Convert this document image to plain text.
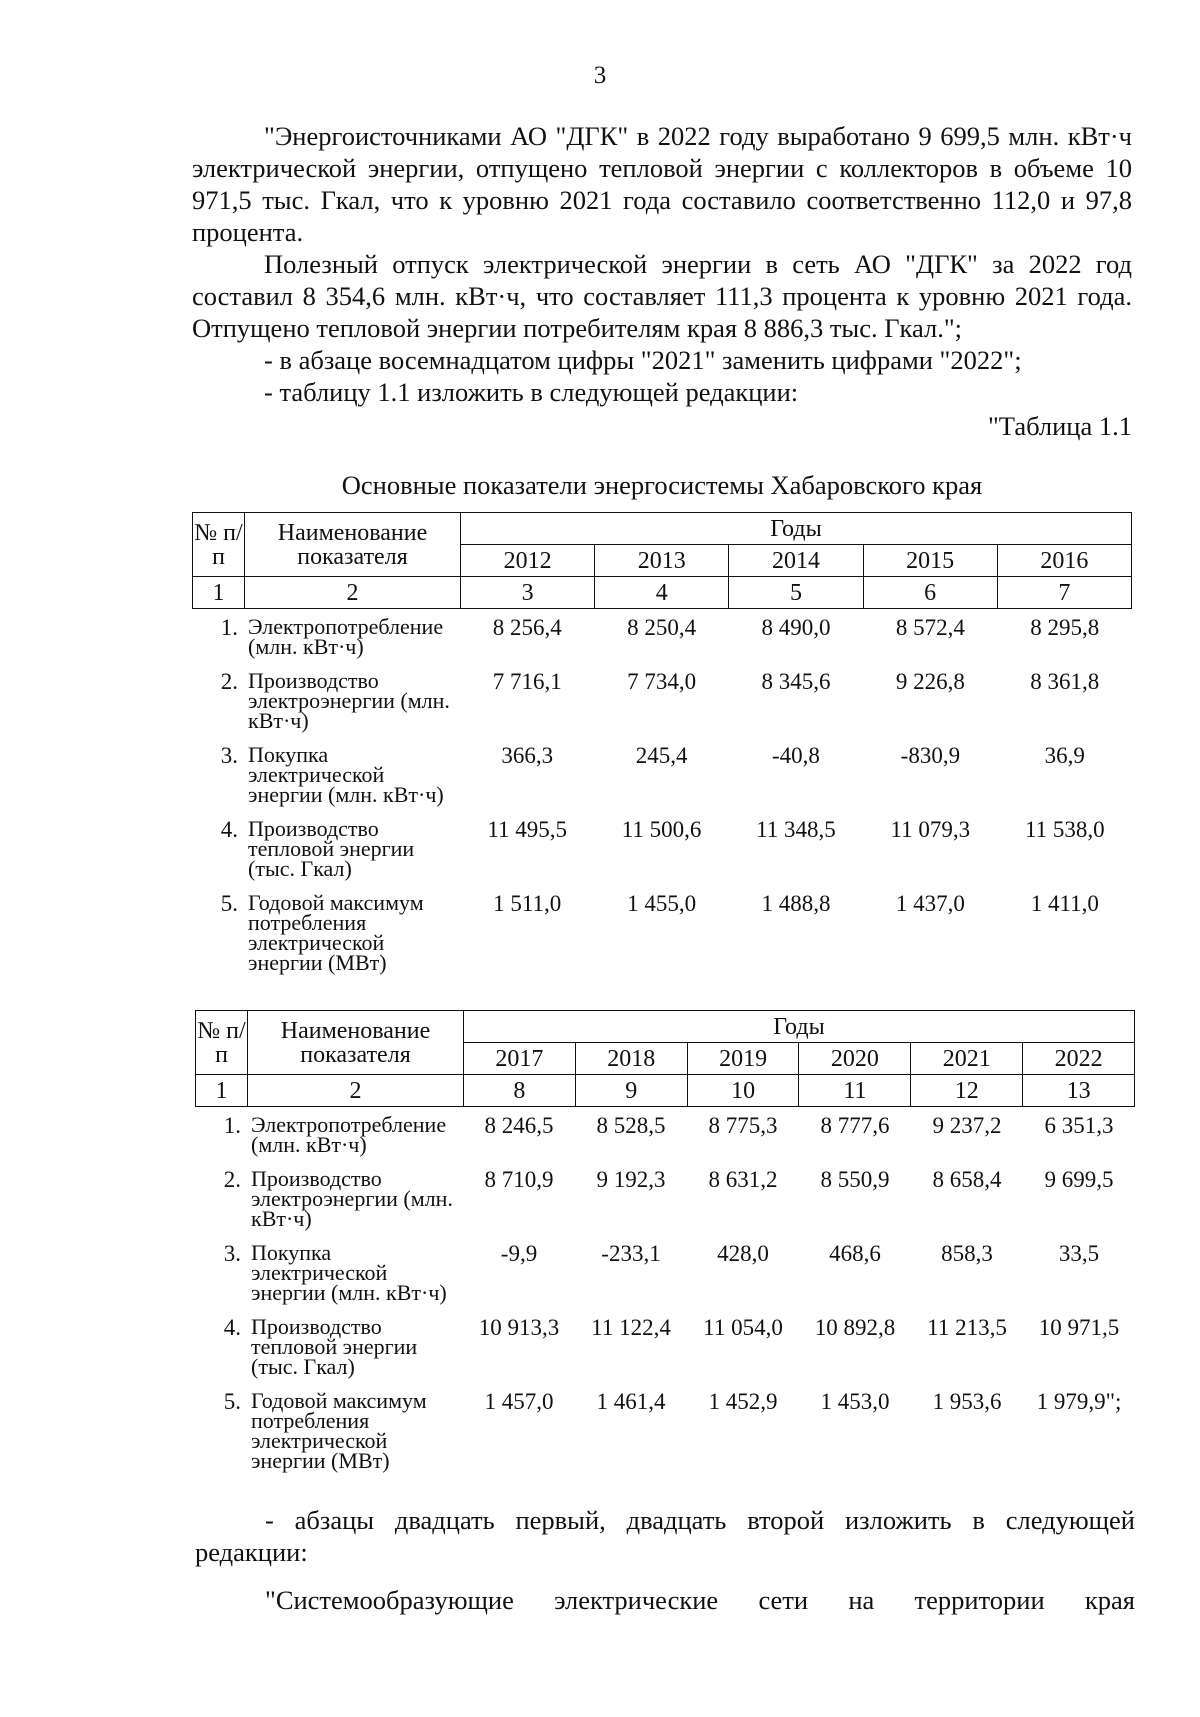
3

"Энергоисточниками АО "ДГК" в 2022 году выработано 9 699,5 млн. кВт·ч электрической энергии, отпущено тепловой энергии с коллекторов в объеме 10 971,5 тыс. Гкал, что к уровню 2021 года составило соответственно 112,0 и 97,8 процента.

Полезный отпуск электрической энергии в сеть АО "ДГК" за 2022 год составил 8 354,6 млн. кВт·ч, что составляет 111,3 процента к уровню 2021 года. Отпущено тепловой энергии потребителям края 8 886,3 тыс. Гкал.";

- в абзаце восемнадцатом цифры "2021" заменить цифрами "2022";

- таблицу 1.1 изложить в следующей редакции:

"Таблица 1.1
Основные показатели энергосистемы Хабаровского края
№ п/п	Наименование показателя	Годы				
		2012	2013	2014	2015	2016
1	2	3	4	5	6	7
1.	Электропотребление (млн. кВт·ч)	8 256,4	8 250,4	8 490,0	8 572,4	8 295,8
2.	Производство электроэнергии (млн. кВт·ч)	7 716,1	7 734,0	8 345,6	9 226,8	8 361,8
3.	Покупка электрической энергии (млн. кВт·ч)	366,3	245,4	-40,8	-830,9	36,9
4.	Производство тепловой энергии (тыс. Гкал)	11 495,5	11 500,6	11 348,5	11 079,3	11 538,0
5.	Годовой максимум потребления электрической энергии (МВт)	1 511,0	1 455,0	1 488,8	1 437,0	1 411,0
№ п/п	Наименование показателя	Годы					
		2017	2018	2019	2020	2021	2022
1	2	8	9	10	11	12	13
1.	Электропотребление (млн. кВт·ч)	8 246,5	8 528,5	8 775,3	8 777,6	9 237,2	6 351,3
2.	Производство электроэнергии (млн. кВт·ч)	8 710,9	9 192,3	8 631,2	8 550,9	8 658,4	9 699,5
3.	Покупка электрической энергии (млн. кВт·ч)	-9,9	-233,1	428,0	468,6	858,3	33,5
4.	Производство тепловой энергии (тыс. Гкал)	10 913,3	11 122,4	11 054,0	10 892,8	11 213,5	10 971,5
5.	Годовой максимум потребления электрической энергии (МВт)	1 457,0	1 461,4	1 452,9	1 453,0	1 953,6	1 979,9";

- абзацы двадцать первый, двадцать второй изложить в следующей редакции:

"Системообразующие электрические сети на территории края
